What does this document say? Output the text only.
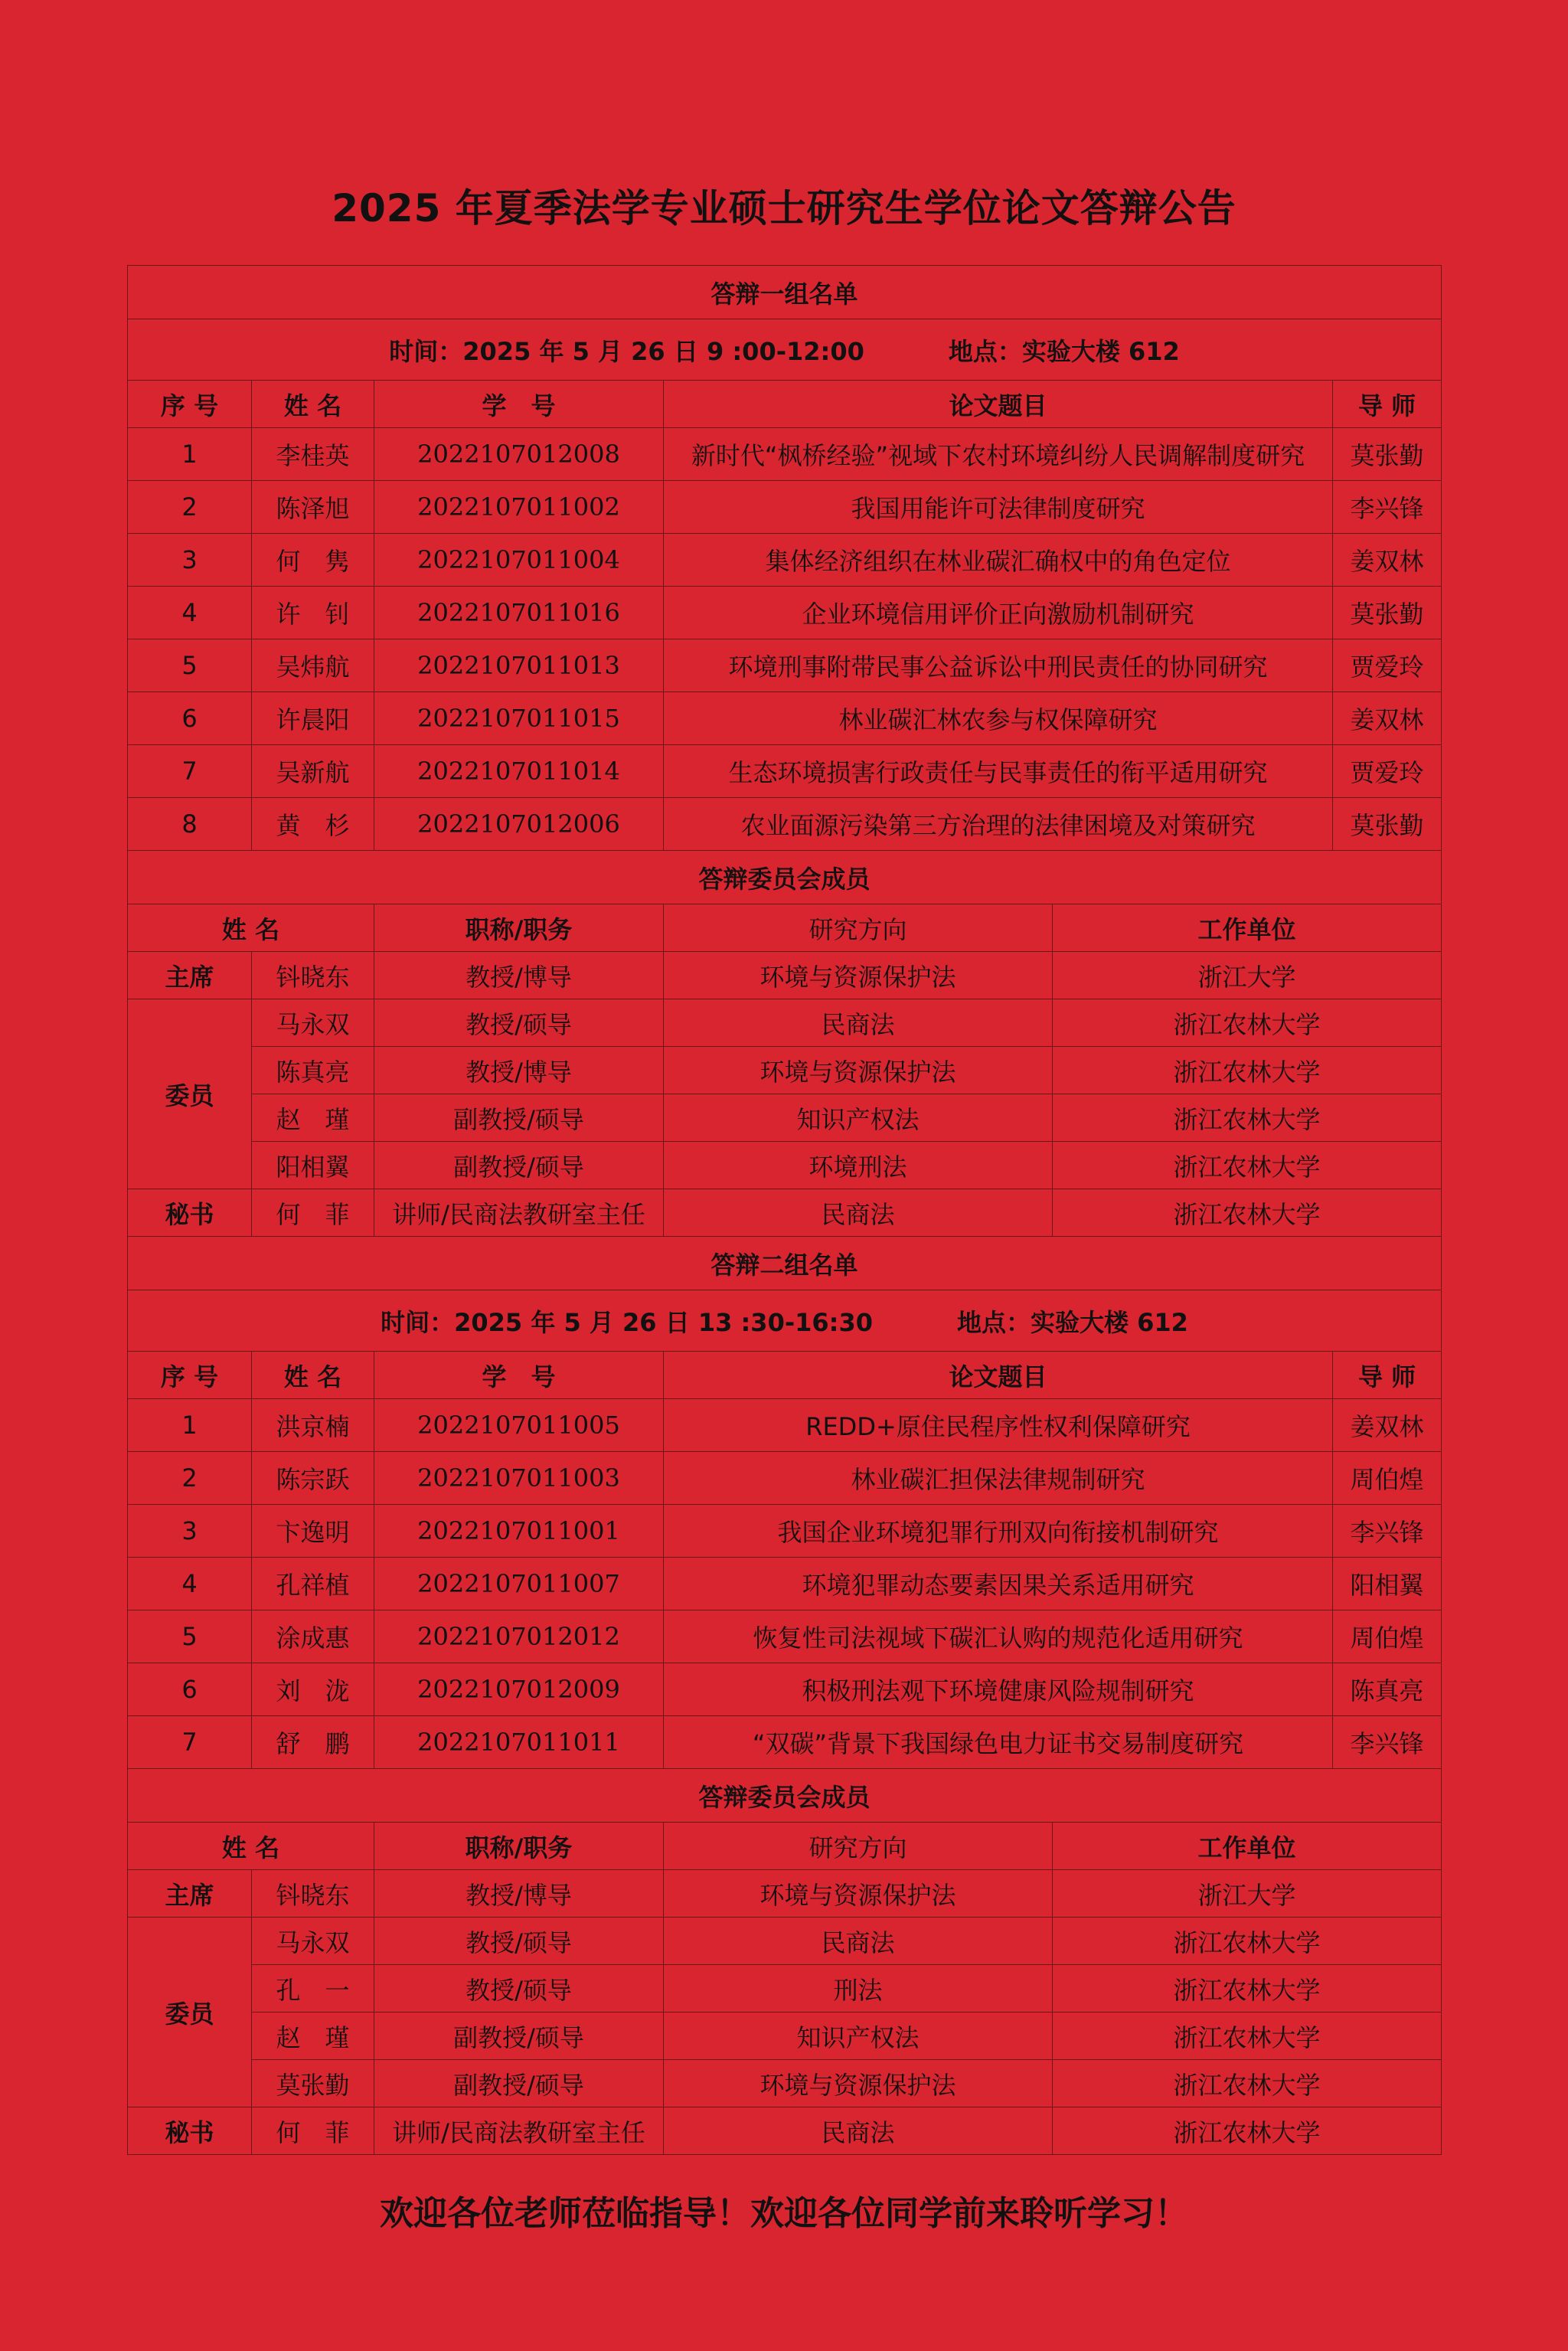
2025 年夏季法学专业硕士研究生学位论文答辩公告
答辩一组名单					
时间：2025 年 5 月 26 日 9 :00-12:00 地点：实验大楼 612					
序 号	姓 名	学　号	论文题目		导 师
1	李桂英	2022107012008	新时代“枫桥经验”视域下农村环境纠纷人民调解制度研究		莫张勤
2	陈泽旭	2022107011002	我国用能许可法律制度研究		李兴锋
3	何　隽	2022107011004	集体经济组织在林业碳汇确权中的角色定位		姜双林
4	许　钊	2022107011016	企业环境信用评价正向激励机制研究		莫张勤
5	吴炜航	2022107011013	环境刑事附带民事公益诉讼中刑民责任的协同研究		贾爱玲
6	许晨阳	2022107011015	林业碳汇林农参与权保障研究		姜双林
7	吴新航	2022107011014	生态环境损害行政责任与民事责任的衔平适用研究		贾爱玲
8	黄　杉	2022107012006	农业面源污染第三方治理的法律困境及对策研究		莫张勤
答辩委员会成员					
姓 名		职称/职务	研究方向	工作单位	
主席	钭晓东	教授/博导	环境与资源保护法	浙江大学	
委员	马永双	教授/硕导	民商法	浙江农林大学	
	陈真亮	教授/博导	环境与资源保护法	浙江农林大学	
	赵　瑾	副教授/硕导	知识产权法	浙江农林大学	
	阳相翼	副教授/硕导	环境刑法	浙江农林大学	
秘书	何　菲	讲师/民商法教研室主任	民商法	浙江农林大学	
答辩二组名单					
时间：2025 年 5 月 26 日 13 :30-16:30 地点：实验大楼 612					
序 号	姓 名	学　号	论文题目		导 师
1	洪京楠	2022107011005	REDD+原住民程序性权利保障研究		姜双林
2	陈宗跃	2022107011003	林业碳汇担保法律规制研究		周伯煌
3	卞逸明	2022107011001	我国企业环境犯罪行刑双向衔接机制研究		李兴锋
4	孔祥植	2022107011007	环境犯罪动态要素因果关系适用研究		阳相翼
5	涂成惠	2022107012012	恢复性司法视域下碳汇认购的规范化适用研究		周伯煌
6	刘　泷	2022107012009	积极刑法观下环境健康风险规制研究		陈真亮
7	舒　鹏	2022107011011	“双碳”背景下我国绿色电力证书交易制度研究		李兴锋
答辩委员会成员					
姓 名		职称/职务	研究方向	工作单位	
主席	钭晓东	教授/博导	环境与资源保护法	浙江大学	
委员	马永双	教授/硕导	民商法	浙江农林大学	
	孔　一	教授/硕导	刑法	浙江农林大学	
	赵　瑾	副教授/硕导	知识产权法	浙江农林大学	
	莫张勤	副教授/硕导	环境与资源保护法	浙江农林大学	
秘书	何　菲	讲师/民商法教研室主任	民商法	浙江农林大学	
欢迎各位老师莅临指导！欢迎各位同学前来聆听学习！
